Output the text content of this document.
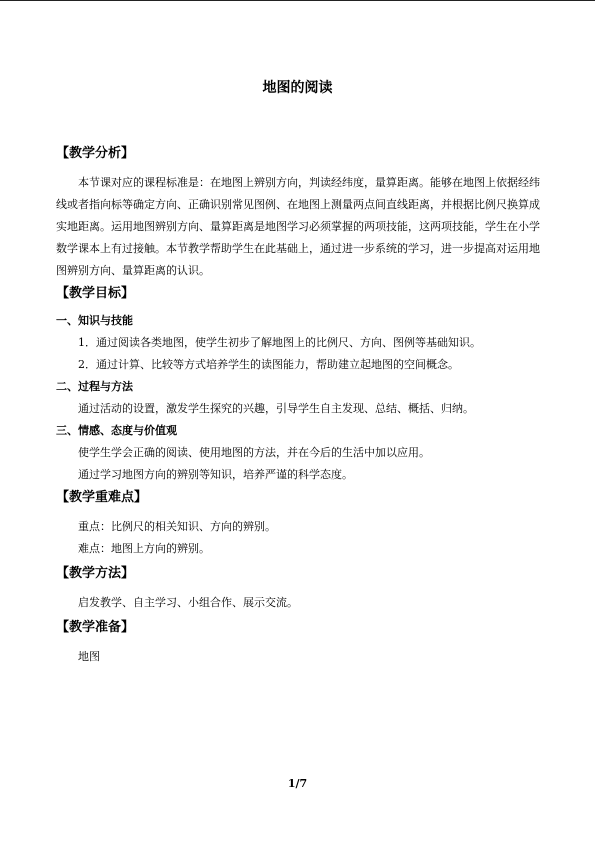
地图的阅读

【教学分析】

本节课对应的课程标准是：在地图上辨别方向，判读经纬度，量算距离。能够在地图上依据经纬线或者指向标等确定方向、正确识别常见图例、在地图上测量两点间直线距离，并根据比例尺换算成实地距离。运用地图辨别方向、量算距离是地图学习必须掌握的两项技能，这两项技能，学生在小学数学课本上有过接触。本节教学帮助学生在此基础上，通过进一步系统的学习，进一步提高对运用地图辨别方向、量算距离的认识。

【教学目标】

一、知识与技能

1．通过阅读各类地图，使学生初步了解地图上的比例尺、方向、图例等基础知识。

2．通过计算、比较等方式培养学生的读图能力，帮助建立起地图的空间概念。

二、过程与方法

通过活动的设置，激发学生探究的兴趣，引导学生自主发现、总结、概括、归纳。

三、情感、态度与价值观

使学生学会正确的阅读、使用地图的方法，并在今后的生活中加以应用。

通过学习地图方向的辨别等知识，培养严谨的科学态度。

【教学重难点】

重点：比例尺的相关知识、方向的辨别。

难点：地图上方向的辨别。

【教学方法】

启发教学、自主学习、小组合作、展示交流。

【教学准备】

地图

1/7
